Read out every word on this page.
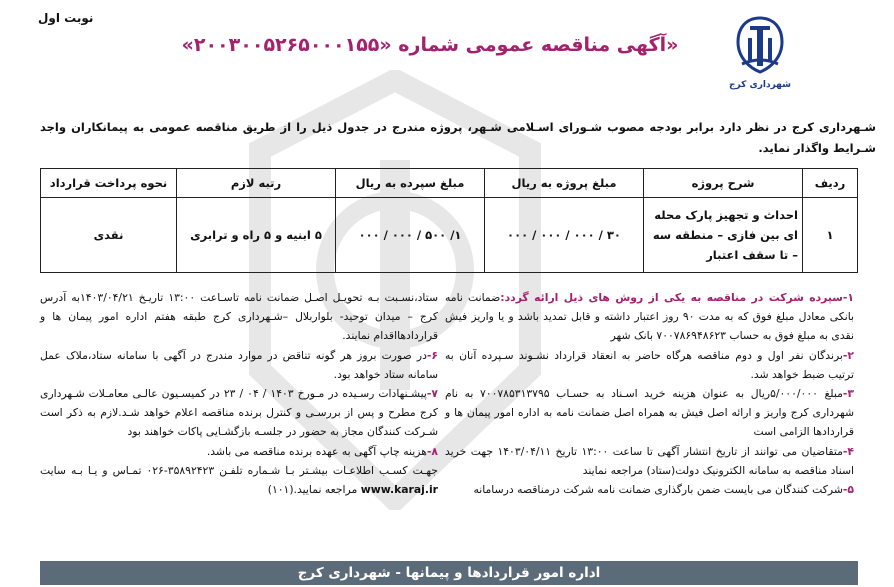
نوبت اول
شهرداری کرج
«آگهی مناقصه عمومی شماره «۲۰۰۳۰۰۵۲۶۵۰۰۰۱۵۵»
شـهرداری کرج در نظر دارد برابر بودجه مصوب شـورای اسـلامی شـهر، پروژه مندرج در جدول ذیل را از طریق مناقصه عمومی به پیمانکاران واجد شـرایط واگذار نماید.
ردیف	شرح پروژه	مبلغ پروژه به ریال	مبلغ سپرده به ریال	رتبه لازم	نحوه پرداخت قرارداد
۱	احداث و تجهیز پارک محله ای بین فازی – منطقه سه – تا سقف اعتبار	۳۰ / ۰۰۰ / ۰۰۰ / ۰۰۰	۱/ ۵۰۰ / ۰۰۰ / ۰۰۰	۵ ابنیه و ۵ راه و ترابری	نقدی

۱-سپرده شرکت در مناقصه به یکی از روش های ذیل ارائه گردد:ضمانت نامه بانکی معادل مبلغ فوق که به مدت ۹۰ روز اعتبار داشته و قابل تمدید باشد و یا واریز فیش نقدی به مبلغ فوق به حساب ۷۰۰۷۸۶۹۴۸۶۲۳ بانک شهر

۲-برندگان نفر اول و دوم مناقصه هرگاه حاضر به انعقاد قرارداد نشـوند سـپرده آنان به ترتیب ضبط خواهد شد.

۳-مبلغ ۵/۰۰۰/۰۰۰ریال به عنوان هزینه خرید اسـناد به حسـاب ۷۰۰۷۸۵۳۱۳۷۹۵ به نام شهرداری کرج واریز و ارائه اصل فیش به همراه اصل ضمانت نامه به اداره امور پیمان ها و قراردادها الزامی است

۴-متقاضیان می توانند از تاریخ انتشار آگهی تا ساعت ۱۳:۰۰ تاریخ ۱۴۰۳/۰۴/۱۱ جهت خرید اسناد مناقصه به سامانه الکترونیک دولت(ستاد) مراجعه نمایند

۵-شرکت کنندگان می بایست ضمن بارگذاری ضمانت نامه شرکت درمناقصه درسامانه

ستاد،نسـبت بـه تحویـل اصـل ضمانت نامه تاسـاعت ۱۳:۰۰ تاریـخ ۱۴۰۳/۰۴/۲۱به آدرس کرج – میدان توحید- بلواربلال –شـهرداری کرج طبقه هفتم اداره امور پیمان ها و قراردادهااقدام نمایند.

۶-در صورت بروز هر گونه تناقض در موارد مندرج در آگهی با سامانه ستاد،ملاک عمل سامانه ستاد خواهد بود.

۷-پیشـنهادات رسـیده در مـورخ ۱۴۰۳ / ۰۴ / ۲۳ در کمیسـیون عالـی معامـلات شـهرداری کرج مطرح و پس از بررسـی و کنترل برنده مناقصه اعلام خواهد شـد.لازم به ذکر است شـرکت کنندگان مجاز به حضور در جلسـه بازگشـایی پاکات خواهند بود

۸-هزینه چاپ آگهی به عهده برنده مناقصه می باشد.

جهـت کسـب اطلاعـات بیشـتر بـا شـماره تلفـن ۳۵۸۹۲۴۲۳-۰۲۶ تمـاس و یـا بـه سایت www.karaj.ir مراجعه نمایید.(۱۰۱)

اداره امور قراردادها و پیمانها - شهرداری کرج
